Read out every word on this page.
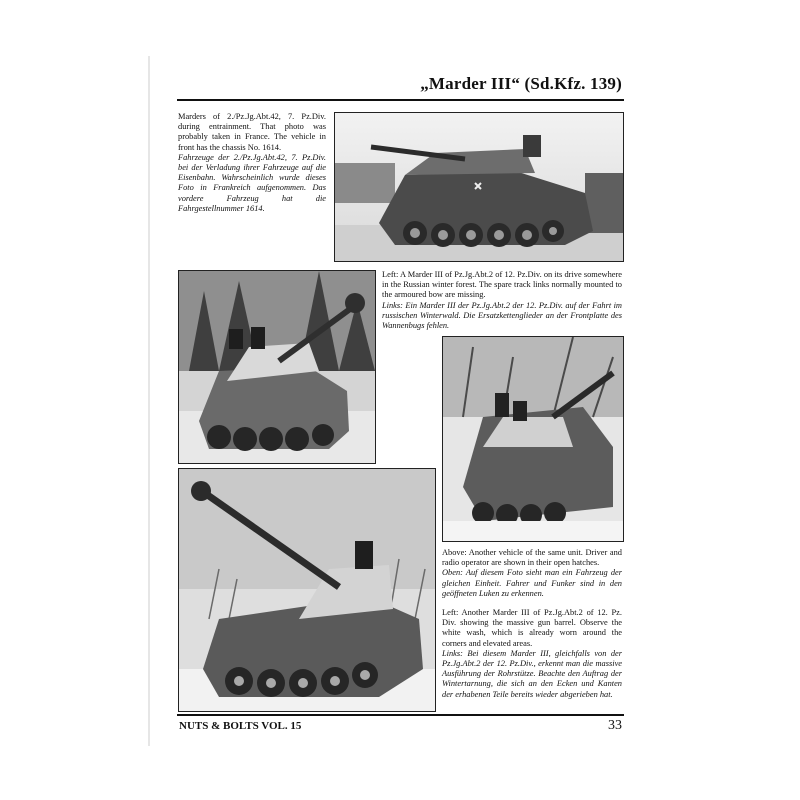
„Marder III“ (Sd.Kfz. 139)
Marders of 2./Pz.Jg.Abt.42, 7. Pz.Div. during entrainment. That photo was probably taken in France. The vehicle in front has the chassis No. 1614.
Fahrzeuge der 2./Pz.Jg.Abt.42, 7. Pz.Div. bei der Verladung ihrer Fahrzeuge auf die Eisenbahn. Wahrscheinlich wurde dieses Foto in Frankreich aufgenommen. Das vordere Fahrzeug hat die Fahrgestellnummer 1614.
Left: A Marder III of Pz.Jg.Abt.2 of 12. Pz.Div. on its drive somewhere in the Russian winter forest. The spare track links normally mounted to the armoured bow are missing.
Links: Ein Marder III der Pz.Jg.Abt.2 der 12. Pz.Div. auf der Fahrt im russischen Winterwald. Die Ersatzkettenglieder an der Frontplatte des Wannenbugs fehlen.
Above: Another vehicle of the same unit. Driver and radio operator are shown in their open hatches.
Oben: Auf diesem Foto sieht man ein Fahrzeug der gleichen Einheit. Fahrer und Funker sind in den geöffneten Luken zu erkennen.
Left: Another Marder III of Pz.Jg.Abt.2 of 12. Pz. Div. showing the massive gun barrel. Observe the white wash, which is already worn around the corners and elevated areas.
Links: Bei diesem Marder III, gleichfalls von der Pz.Jg.Abt.2 der 12. Pz.Div., erkennt man die massive Ausführung der Rohrstütze. Beachte den Auftrag der Wintertarnung, die sich an den Ecken und Kanten der erhabenen Teile bereits wieder abgerieben hat.
NUTS & BOLTS VOL. 15	33
